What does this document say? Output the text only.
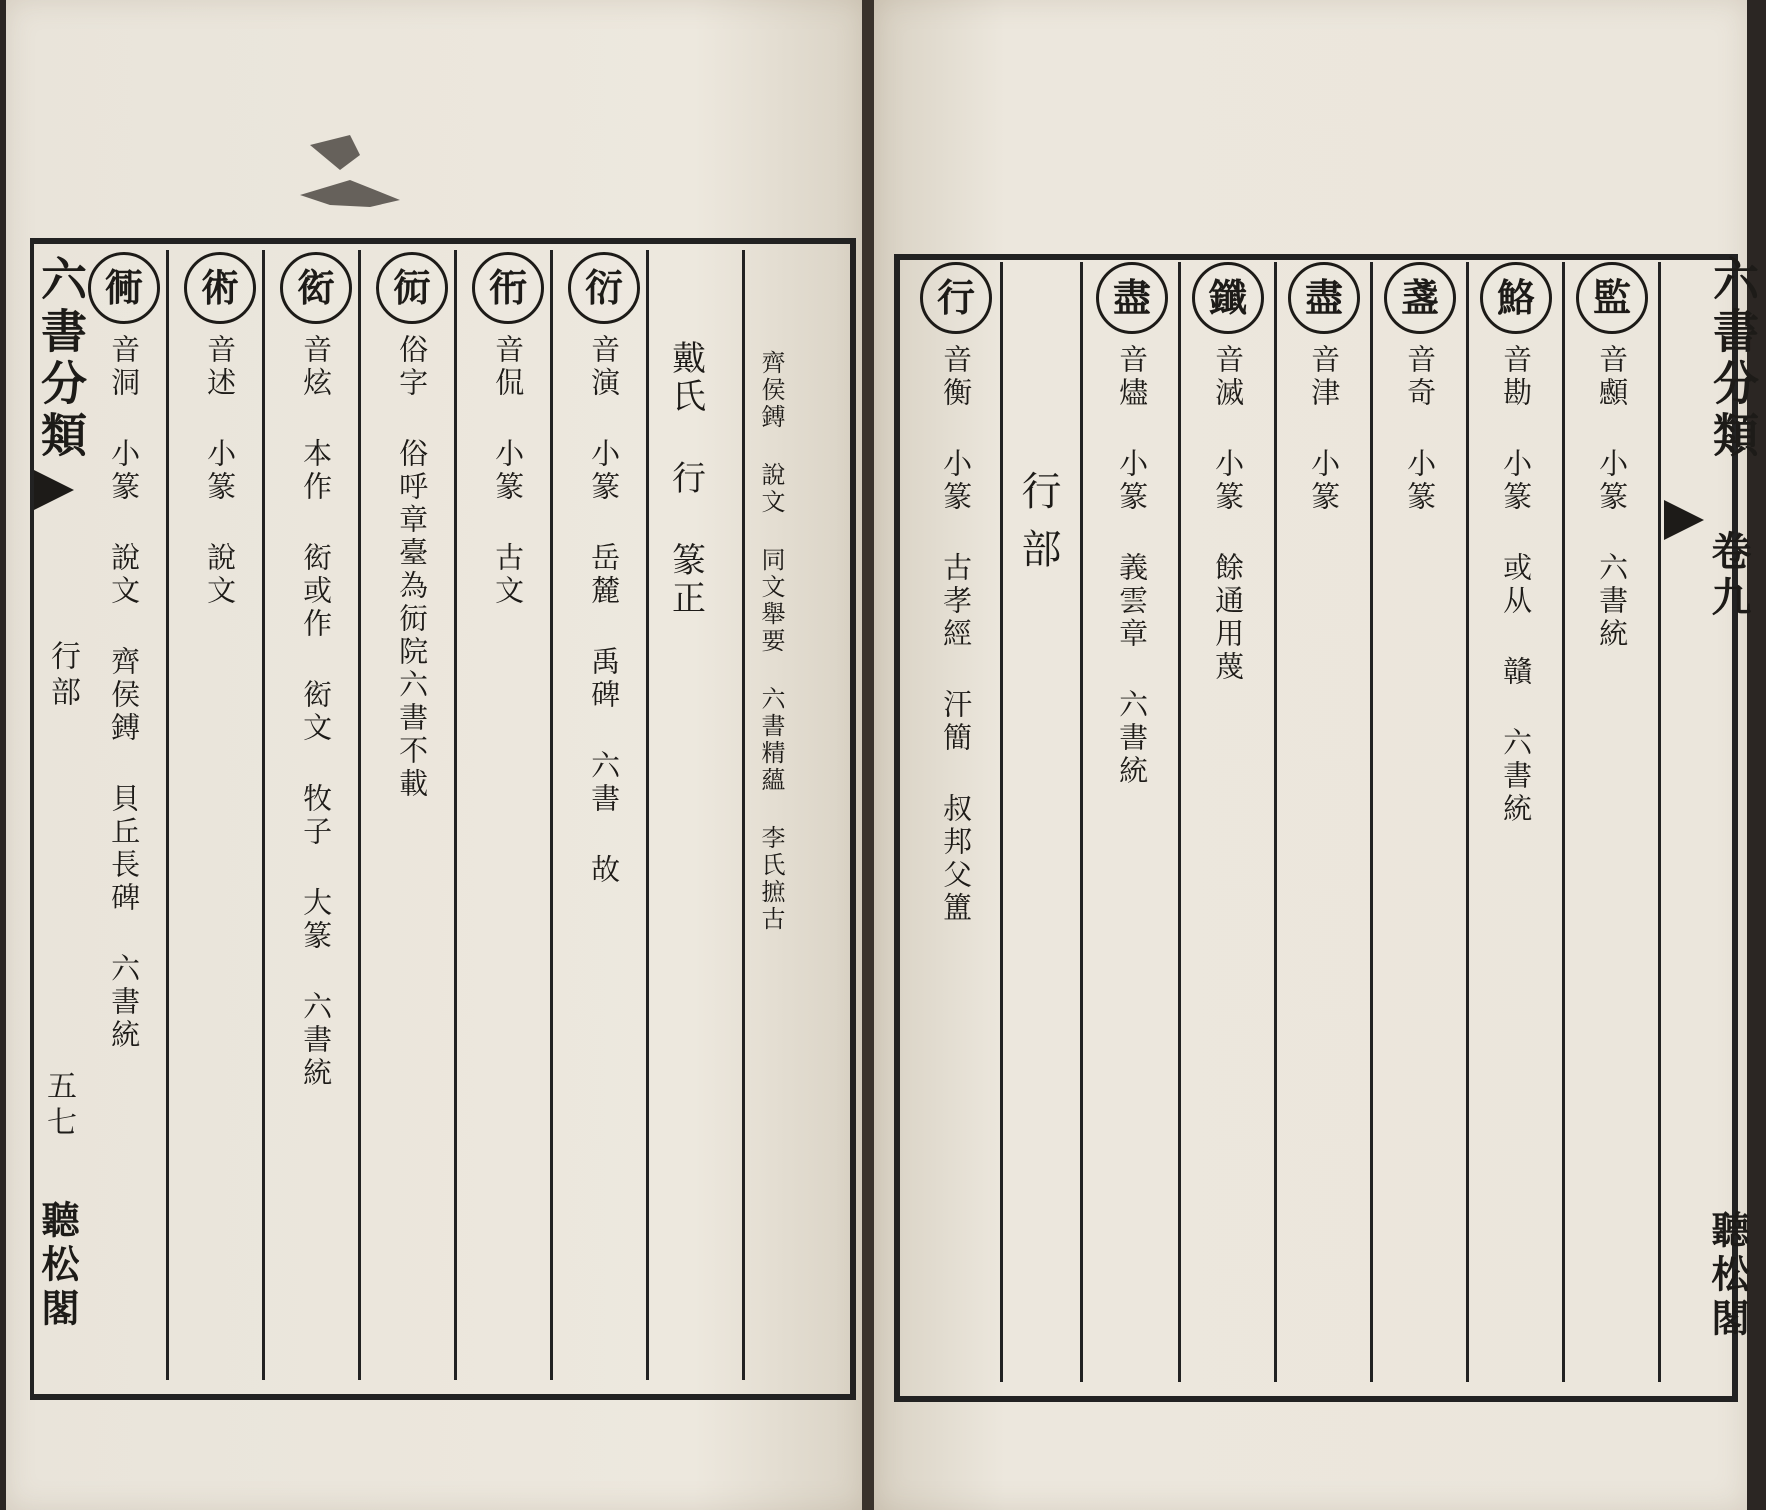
六書分類
行部
五七
聽松閣
衕
音洞 小篆 說文 齊侯鎛 貝丘長碑 六書統
術
音述 小篆 說文
衒
音炫 本作 衒或作 衒文 牧子 大篆 六書統
衏
俗字 俗呼章臺為衏院六書不載
衎
音侃 小篆 古文
衍
音演 小篆 岳麓 禹碑 六書 故 戴氏 行 篆正 齊侯鎛 說文 同文舉要 六書精蘊 李氏摭古	六書分類
卷九
聽松閣
行
音衡 小篆 古孝經 汗簡 叔邦父簠 行部
盡
音燼 小篆 義雲章 六書統
鑯
音滅 小篆 餘通用蔑
盡
音津 小篆
盞
音奇 小篆
鮥
音勘 小篆 或从 贛 六書統
監
音䫲 小篆 六書統
